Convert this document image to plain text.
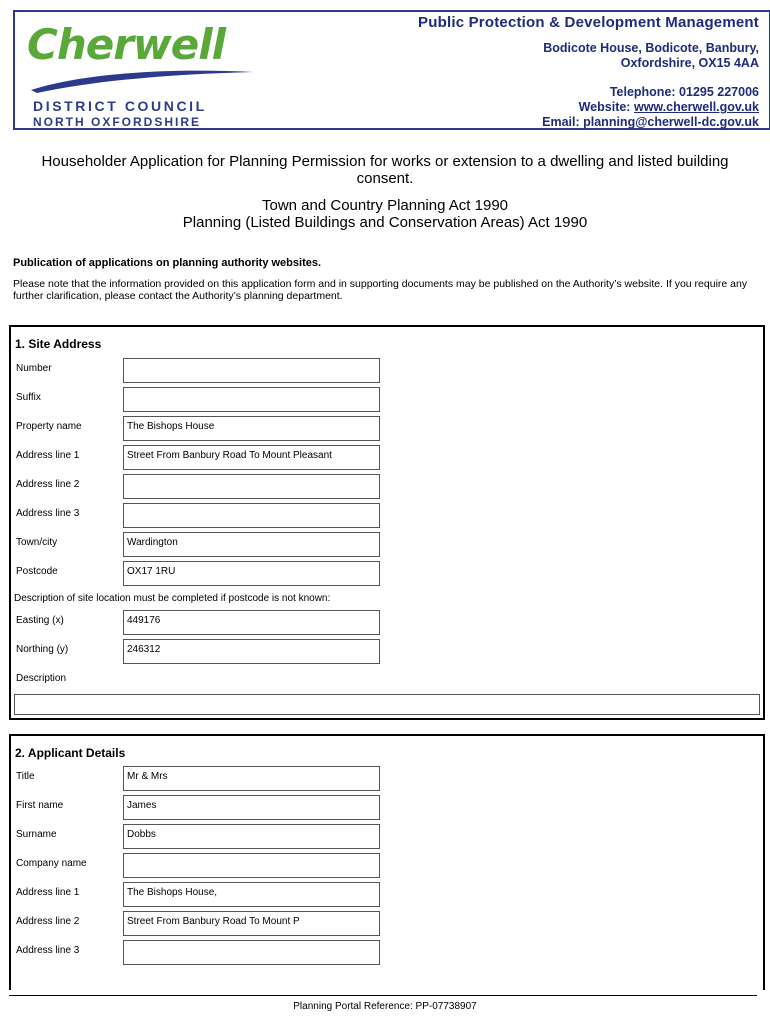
Cherwell
DISTRICT COUNCIL
NORTH OXFORDSHIRE
Public Protection & Development Management
Bodicote House, Bodicote, Banbury,
Oxfordshire, OX15 4AA
Telephone: 01295 227006
Website: www.cherwell.gov.uk
Email: planning@cherwell-dc.gov.uk
Householder Application for Planning Permission for works or extension to a dwelling and listed building consent.
Town and Country Planning Act 1990
Planning (Listed Buildings and Conservation Areas) Act 1990
Publication of applications on planning authority websites.
Please note that the information provided on this application form and in supporting documents may be published on the Authority’s website. If you require any further clarification, please contact the Authority’s planning department.
1. Site Address
Number
Suffix
Property name	The Bishops House
Address line 1	Street From Banbury Road To Mount Pleasant
Address line 2
Address line 3
Town/city	Wardington
Postcode	OX17 1RU
Description of site location must be completed if postcode is not known:
Easting (x)	449176
Northing (y)	246312
Description
2. Applicant Details
Title	Mr & Mrs
First name	James
Surname	Dobbs
Company name
Address line 1	The Bishops House,
Address line 2	Street From Banbury Road To Mount P
Address line 3
Planning Portal Reference: PP-07738907
